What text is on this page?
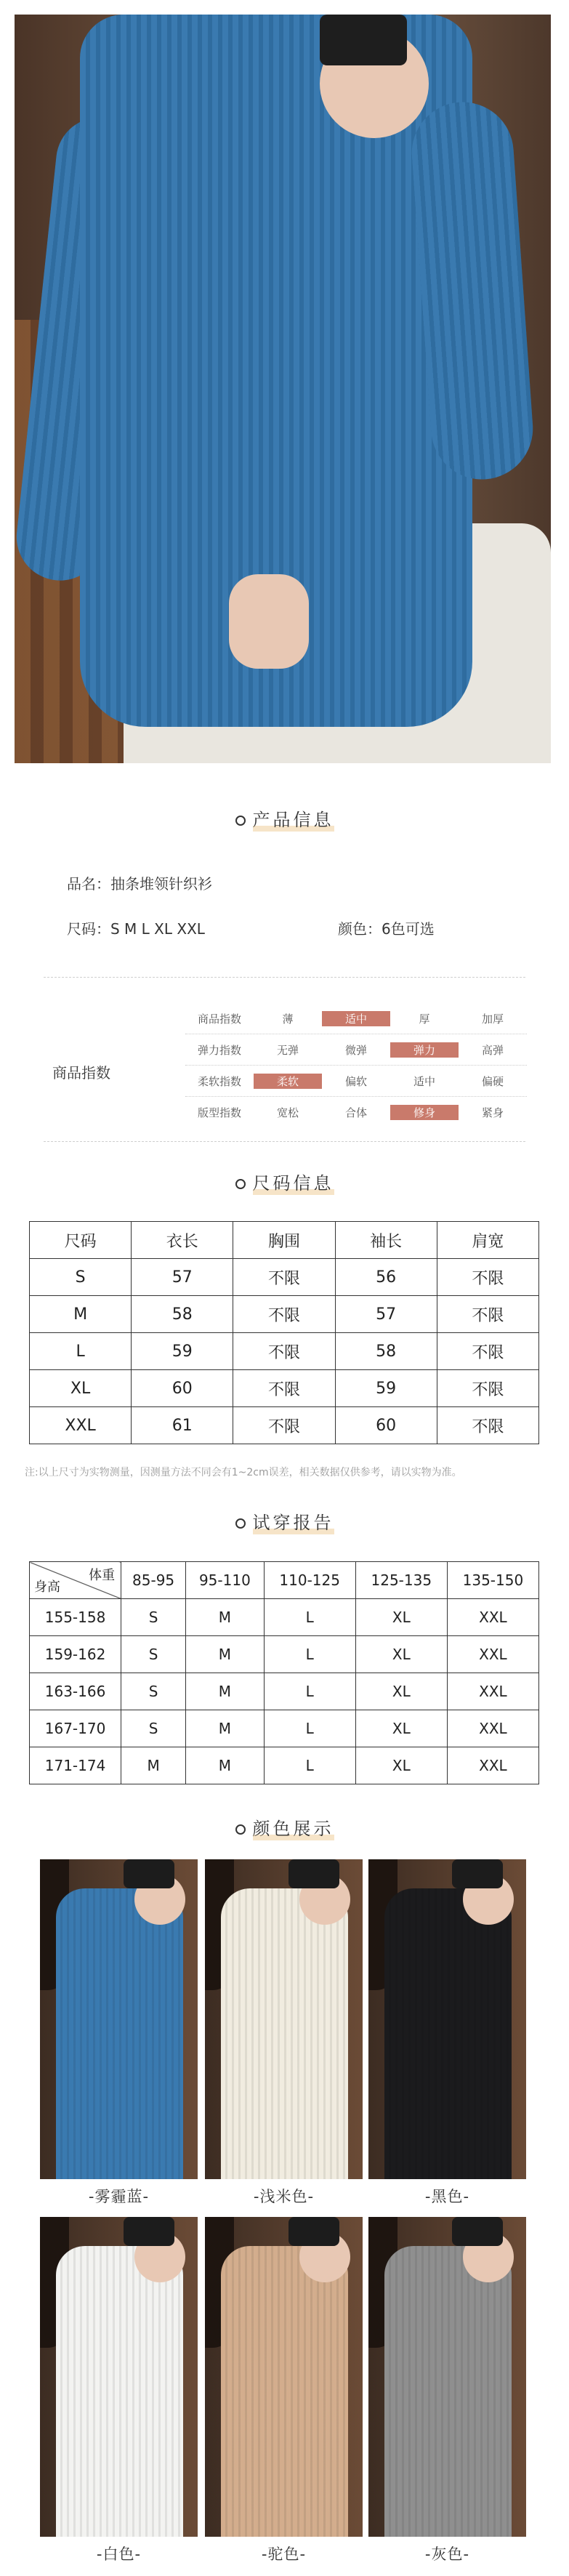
产品信息
品名：抽条堆领针织衫
尺码：S M L XL XXL	颜色：6色可选
商品指数
商品指数	薄	适中	厚	加厚
弹力指数	无弹	微弹	弹力	高弹
柔软指数	柔软	偏软	适中	偏硬
版型指数	宽松	合体	修身	紧身
尺码信息
尺码	衣长	胸围	袖长	肩宽
S	57	不限	56	不限
M	58	不限	57	不限
L	59	不限	58	不限
XL	60	不限	59	不限
XXL	61	不限	60	不限
注:以上尺寸为实物测量，因测量方法不同会有1~2cm误差，相关数据仅供参考，请以实物为准。
试穿报告
体重
身高	85-95	95-110	110-125	125-135	135-150
155-158	S	M	L	XL	XXL
159-162	S	M	L	XL	XXL
163-166	S	M	L	XL	XXL
167-170	S	M	L	XL	XXL
171-174	M	M	L	XL	XXL
颜色展示
-雾霾蓝-	-浅米色-	-黑色-
-白色-	-驼色-	-灰色-
